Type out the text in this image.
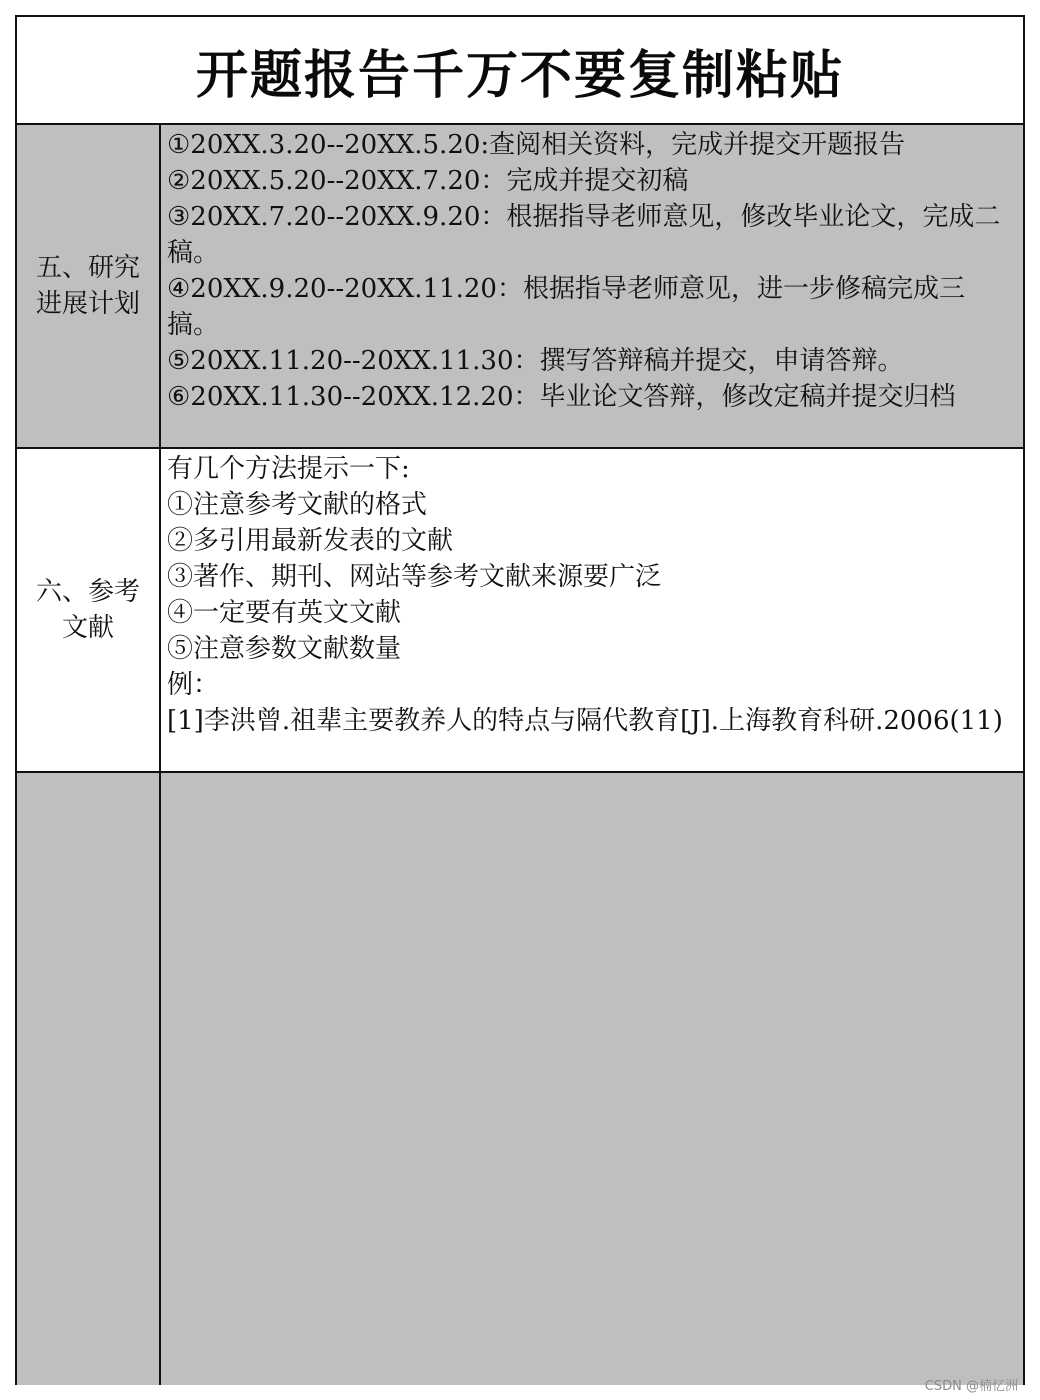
开题报告千万不要复制粘贴
五、研究
进展计划
①20XX.3.20--20XX.5.20:查阅相关资料，完成并提交开题报告
②20XX.5.20--20XX.7.20：完成并提交初稿
③20XX.7.20--20XX.9.20：根据指导老师意见，修改毕业论文，完成二稿。
④20XX.9.20--20XX.11.20：根据指导老师意见，进一步修稿完成三搞。
⑤20XX.11.20--20XX.11.30：撰写答辩稿并提交，申请答辩。
⑥20XX.11.30--20XX.12.20：毕业论文答辩，修改定稿并提交归档
六、参考
文献
有几个方法提示一下:
①注意参考文献的格式
②多引用最新发表的文献
③著作、期刊、网站等参考文献来源要广泛
④一定要有英文文献
⑤注意参数文献数量
例：
[1]李洪曾.祖辈主要教养人的特点与隔代教育[J].上海教育科研.2006(11)
CSDN @楠忆洲
